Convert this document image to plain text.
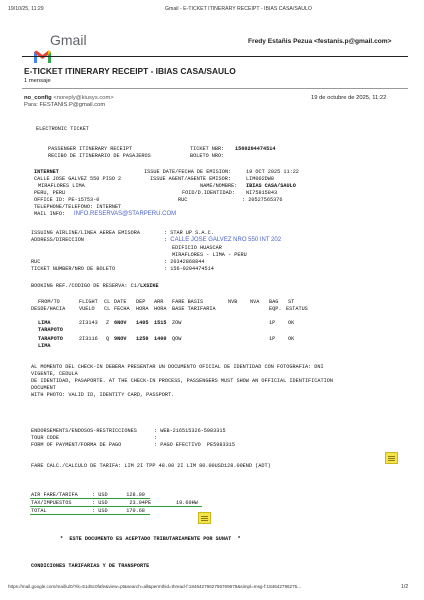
19/10/25, 11:29	Gmail - E-TICKET ITINERARY RECEIPT - IBIAS CASA/SAULO

Gmail	Fredy Estañis Pezua <festanis.p@gmail.com>
E-TICKET ITINERARY RECEIPT - IBIAS CASA/SAULO
1 mensaje
no_config <noreply@kiusys.com>
Para: FESTANIS.P@gmail.com
19 de octubre de 2025, 11:22
ELECTRONIC TICKET
PASSENGER ITINERARY RECEIPT
RECIBO DE ITINERARIO DE PASAJEROS
TICKET NBR: 1560204474514
BOLETO NRO:
INTERNET
CALLE JOSE GALVEZ 550 PISO 2
MIRAFLORES LIMA
PERU, PERU
OFFICE ID: PE-15753-0
TELEPHONE/TELEFONO: INTERNET
MAIL INFO: INFO.RESERVAS@STARPERU.COM
ISSUE DATE/FECHA DE EMISION:	19 OCT 2025 11:22
ISSUE AGENT/AGENTE EMISOR:	LIM002DW8
NAME/NOMBRE: IBIAS CASA/SAULO
FOID/D.IDENTIDAD: NI75815843
RUC	: 20527565376
ISSUING AIRLINE/LINEA AEREA EMISORA
ADDRESS/DIRECCION
: STAR UP S.A.C.
: CALLE JOSE GALVEZ NRO 550 INT 202
EDIFICIO HUASCAR
MIRAFLORES - LIMA - PERU
RUC	: 20342868844
TICKET NUMBER/NRO DE BOLETO	: 156-0204474514
BOOKING REF./CODIGO DE RESERVA: C1/LXSIKE
FROM/TO	FLIGHT CL DATE DEP ARR FARE BASIS	NVB NVA BAG ST
DESDE/HACIA	VUELO CL FECHA HORA HORA BASE TARIFARIA	EQP. ESTATUS
LIMA
TARAPOTO
2I3143 Z 6NOV 1405 1515 ZOW	1P OK
TARAPOTO
LIMA
2I3116 Q 9NOV 1250 1400 QOW	1P OK
AL MOMENTO DEL CHECK-IN DEBERA PRESENTAR UN DOCUMENTO OFICIAL DE IDENTIDAD CON FOTOGRAFIA: DNI
VIGENTE, CEDULA
DE IDENTIDAD, PASAPORTE. AT THE CHECK-IN PROCESS, PASSENGERS MUST SHOW AN OFFICIAL IDENTIFICATION
DOCUMENT
WITH PHOTO: VALID ID, IDENTITY CARD, PASSPORT.
ENDORSEMENTS/ENDOSOS-RESTRICCIONES	: WEB-216515326-5983315
TOUR CODE	:
FORM OF PAYMENT/FORMA DE PAGO	: PAGO EFECTIVO  PE5983315
FARE CALC./CALCULO DE TARIFA: LIM 2I TPP 48.00 2I LIM 80.00USD128.00END (ADT)
AIR FARE/TARIFA	: USD      128.00
TAX/IMPUESTOS	: USD       23.04PE	19.60HW
TOTAL	: USD      170.68
*  ESTE DOCUMENTO ES ACEPTADO TRIBUTARIAMENTE POR SUNAT  *
CONDICIONES TARIFARIAS Y DE TRANSPORTE
https://mail.google.com/mail/u/0/?ik=51d5c0fafe&view=pt&search=all&permthid=thread-f:1846427962756769679&simpl=msg-f:184642796275...	1/2
